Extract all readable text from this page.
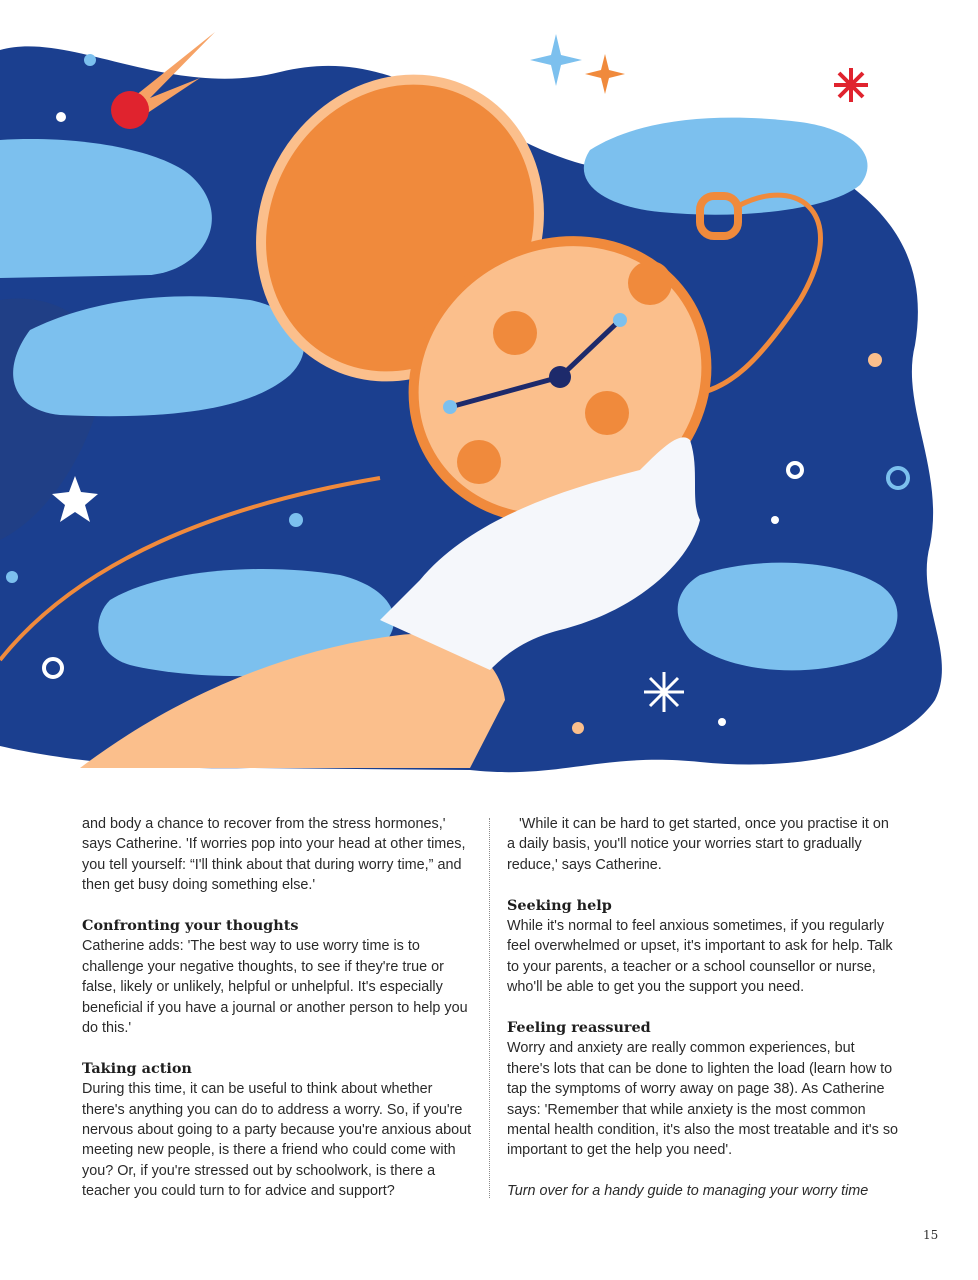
and body a chance to recover from the stress hormones,' says Catherine. 'If worries pop into your head at other times, you tell yourself: “I'll think about that during worry time,” and then get busy doing something else.'

Confronting your thoughts

Catherine adds: 'The best way to use worry time is to challenge your negative thoughts, to see if they're true or false, likely or unlikely, helpful or unhelpful. It's especially beneficial if you have a journal or another person to help you do this.'

Taking action

During this time, it can be useful to think about whether there's anything you can do to address a worry. So, if you're nervous about going to a party because you're anxious about meeting new people, is there a friend who could come with you? Or, if you're stressed out by schoolwork, is there a teacher you could turn to for advice and support?

'While it can be hard to get started, once you practise it on a daily basis, you'll notice your worries start to gradually reduce,' says Catherine.

Seeking help

While it's normal to feel anxious sometimes, if you regularly feel overwhelmed or upset, it's important to ask for help. Talk to your parents, a teacher or a school counsellor or nurse, who'll be able to get you the support you need.

Feeling reassured

Worry and anxiety are really common experiences, but there's lots that can be done to lighten the load (learn how to tap the symptoms of worry away on page 38). As Catherine says: 'Remember that while anxiety is the most common mental health condition, it's also the most treatable and it's so important to get the help you need'.

Turn over for a handy guide to managing your worry time

15
